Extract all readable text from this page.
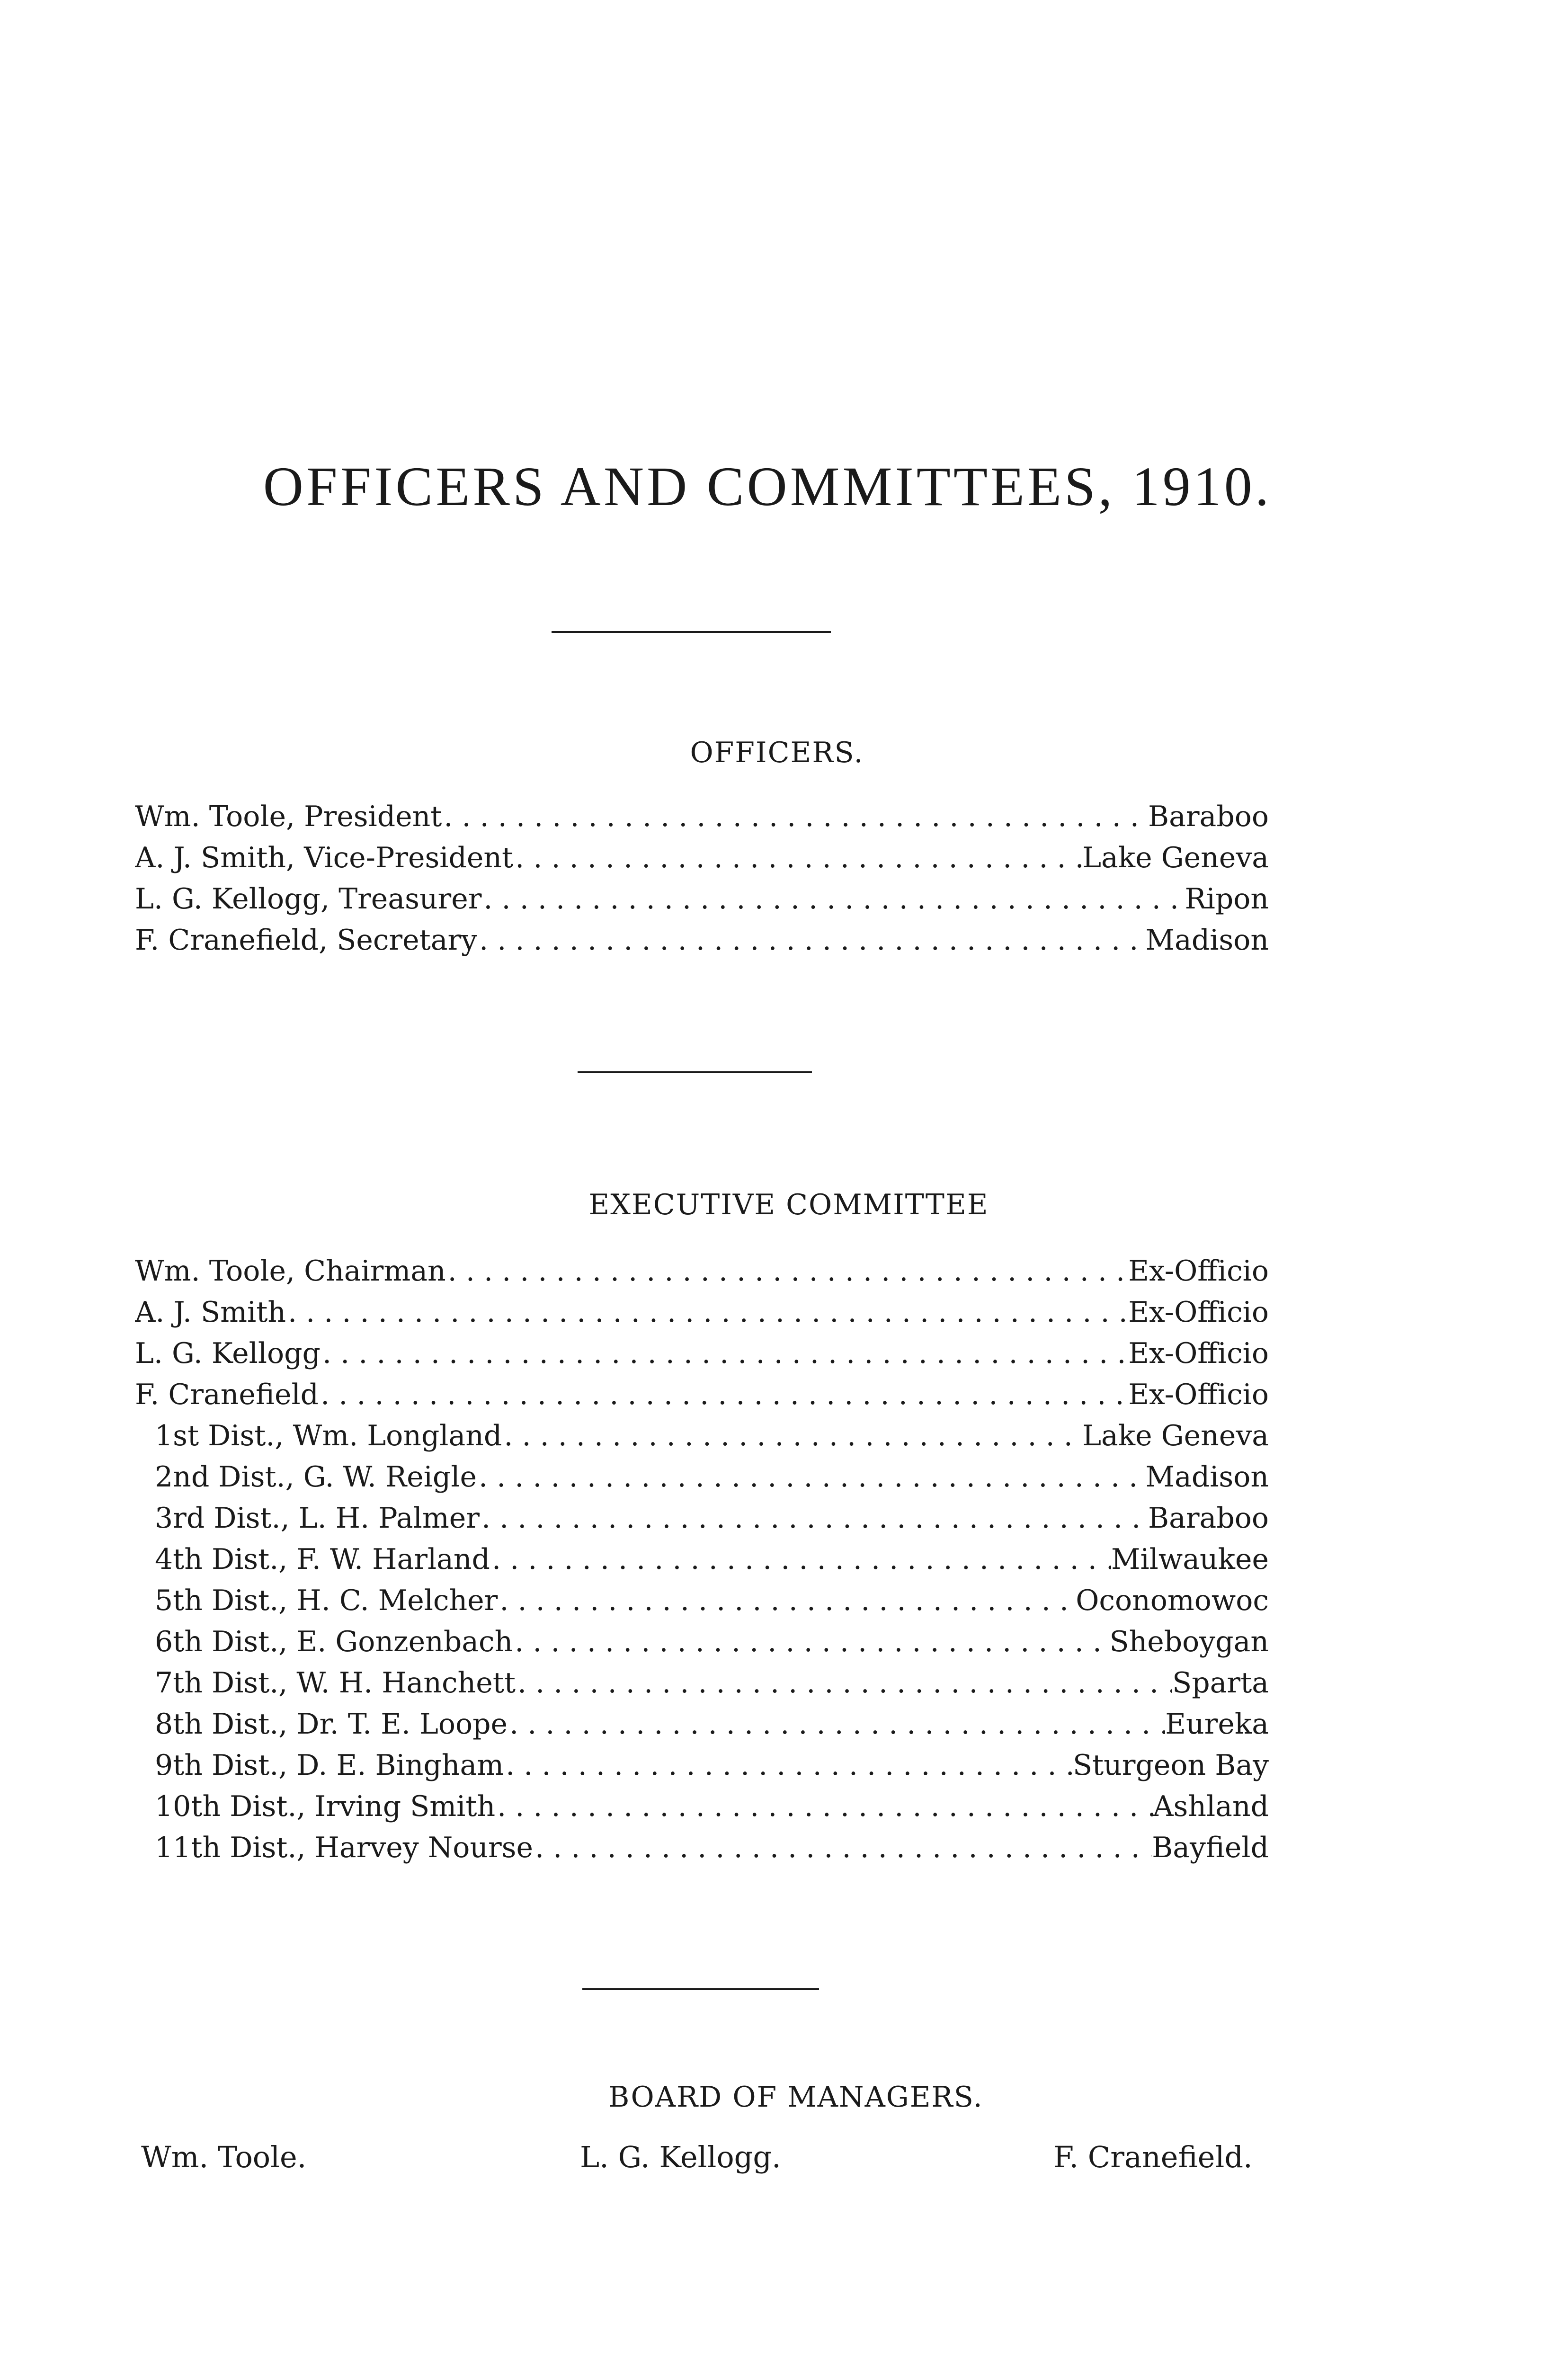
OFFICERS AND COMMITTEES, 1910.
OFFICERS.
Wm. Toole, President . . .	Baraboo
A. J. Smith, Vice-President . . .	Lake Geneva
L. G. Kellogg, Treasurer . . .	Ripon
F. Cranefield, Secretary . . .	Madison
EXECUTIVE COMMITTEE
Wm. Toole, Chairman . . .	Ex-Officio
A. J. Smith . . .	Ex-Officio
L. G. Kellogg . . .	Ex-Officio
F. Cranefield . . .	Ex-Officio
1st Dist., Wm. Longland . . .	Lake Geneva
2nd Dist., G. W. Reigle . . .	Madison
3rd Dist., L. H. Palmer . . .	Baraboo
4th Dist., F. W. Harland . . .	Milwaukee
5th Dist., H. C. Melcher . . .	Oconomowoc
6th Dist., E. Gonzenbach . . .	Sheboygan
7th Dist., W. H. Hanchett . . .	Sparta
8th Dist., Dr. T. E. Loope . . .	Eureka
9th Dist., D. E. Bingham . . .	Sturgeon Bay
10th Dist., Irving Smith . . .	Ashland
11th Dist., Harvey Nourse . . .	Bayfield
BOARD OF MANAGERS.
Wm. Toole.	L. G. Kellogg.	F. Cranefield.
